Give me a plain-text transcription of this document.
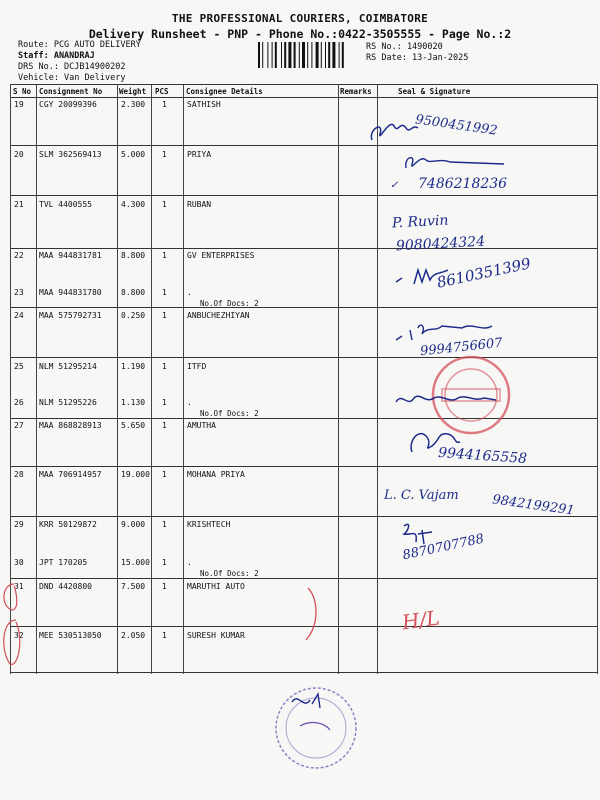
THE PROFESSIONAL COURIERS, COIMBATORE
Delivery Runsheet - PNP - Phone No.:0422-3505555 - Page No.:2
Route: PCG AUTO DELIVERY
Staff: ANANDRAJ
DRS No.: DCJB14900202
Vehicle: Van Delivery
RS No.: 1490020
RS Date: 13-Jan-2025
S No Consignment No Weight PCS Consignee Details	Remarks	Seal & Signature
19 CGY 20099396	2.300 1	SATHISH
20 SLM 362569413 5.000 1	PRIYA
21 TVL 4400555	4.300 1	RUBAN
22 MAA 944831781 8.800 1	GV ENTERPRISES
23 MAA 944831780 8.800 1	.
No.Of Docs: 2
24 MAA 575792731 0.250 1	ANBUCHEZHIYAN
25 NLM 51295214	1.190 1	ITFD
26 NLM 51295226	1.130 1	.
No.Of Docs: 2
27 MAA 868828913 5.650 1	AMUTHA
28 MAA 706914957 19.000 1	MOHANA PRIYA
29 KRR 50129872	9.000 1	KRISHTECH
30 JPT 170205	15.000 1	.
No.Of Docs: 2
31 DND 4420800	7.500 1	MARUTHI AUTO
32 MEE 530513050 2.050 1	SURESH KUMAR
9500451992
✓ 7486218236
P. Ruvin
9080424324
8610351399
9994756607
9944165558
L. C. Vajam	9842199291
8870707788
H/L
